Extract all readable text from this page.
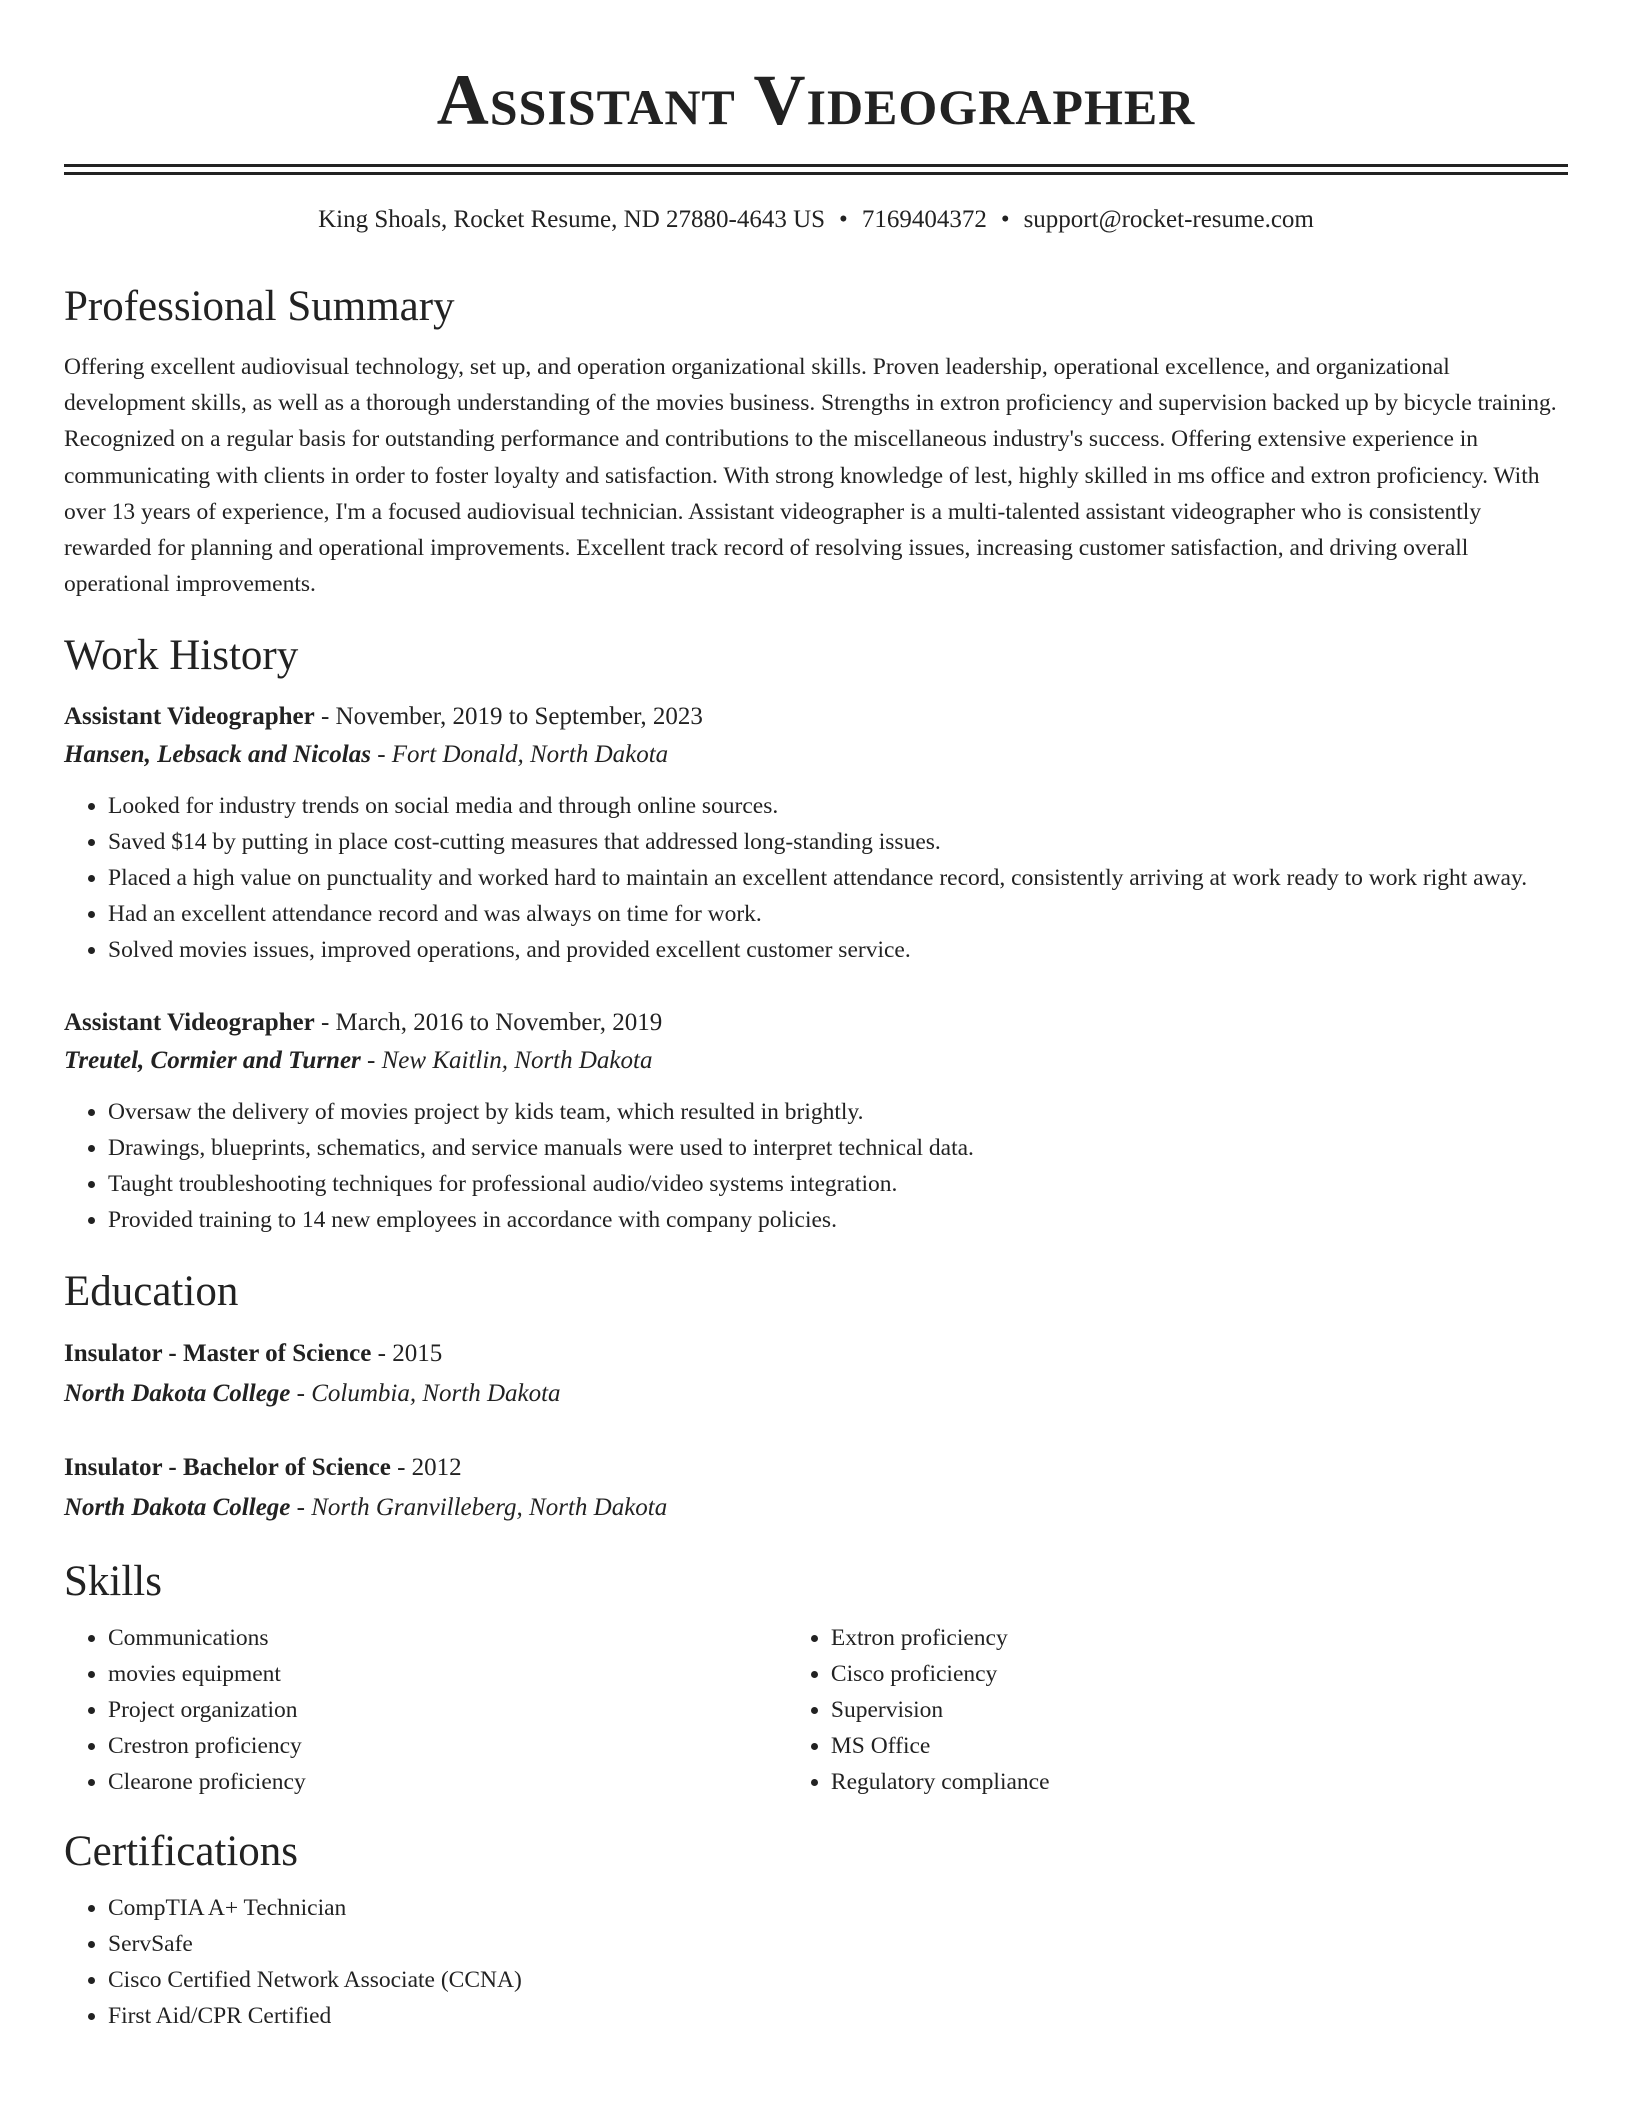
Assistant Videographer
King Shoals, Rocket Resume, ND 27880-4643 US • 7169404372 • support@rocket-resume.com
Professional Summary

Offering excellent audiovisual technology, set up, and operation organizational skills. Proven leadership, operational excellence, and organizational development skills, as well as a thorough understanding of the movies business. Strengths in extron proficiency and supervision backed up by bicycle training. Recognized on a regular basis for outstanding performance and contributions to the miscellaneous industry's success. Offering extensive experience in communicating with clients in order to foster loyalty and satisfaction. With strong knowledge of lest, highly skilled in ms office and extron proficiency. With over 13 years of experience, I'm a focused audiovisual technician. Assistant videographer is a multi-talented assistant videographer who is consistently rewarded for planning and operational improvements. Excellent track record of resolving issues, increasing customer satisfaction, and driving overall operational improvements.

Work History
Assistant Videographer - November, 2019 to September, 2023
Hansen, Lebsack and Nicolas - Fort Donald, North Dakota
• Looked for industry trends on social media and through online sources.
• Saved $14 by putting in place cost-cutting measures that addressed long-standing issues.
• Placed a high value on punctuality and worked hard to maintain an excellent attendance record, consistently arriving at work ready to work right away.
• Had an excellent attendance record and was always on time for work.
• Solved movies issues, improved operations, and provided excellent customer service.
Assistant Videographer - March, 2016 to November, 2019
Treutel, Cormier and Turner - New Kaitlin, North Dakota
• Oversaw the delivery of movies project by kids team, which resulted in brightly.
• Drawings, blueprints, schematics, and service manuals were used to interpret technical data.
• Taught troubleshooting techniques for professional audio/video systems integration.
• Provided training to 14 new employees in accordance with company policies.
Education
Insulator - Master of Science - 2015
North Dakota College - Columbia, North Dakota
Insulator - Bachelor of Science - 2012
North Dakota College - North Granvilleberg, North Dakota
Skills
• Communications
• movies equipment
• Project organization
• Crestron proficiency
• Clearone proficiency
• Extron proficiency
• Cisco proficiency
• Supervision
• MS Office
• Regulatory compliance
Certifications
• CompTIA A+ Technician
• ServSafe
• Cisco Certified Network Associate (CCNA)
• First Aid/CPR Certified
